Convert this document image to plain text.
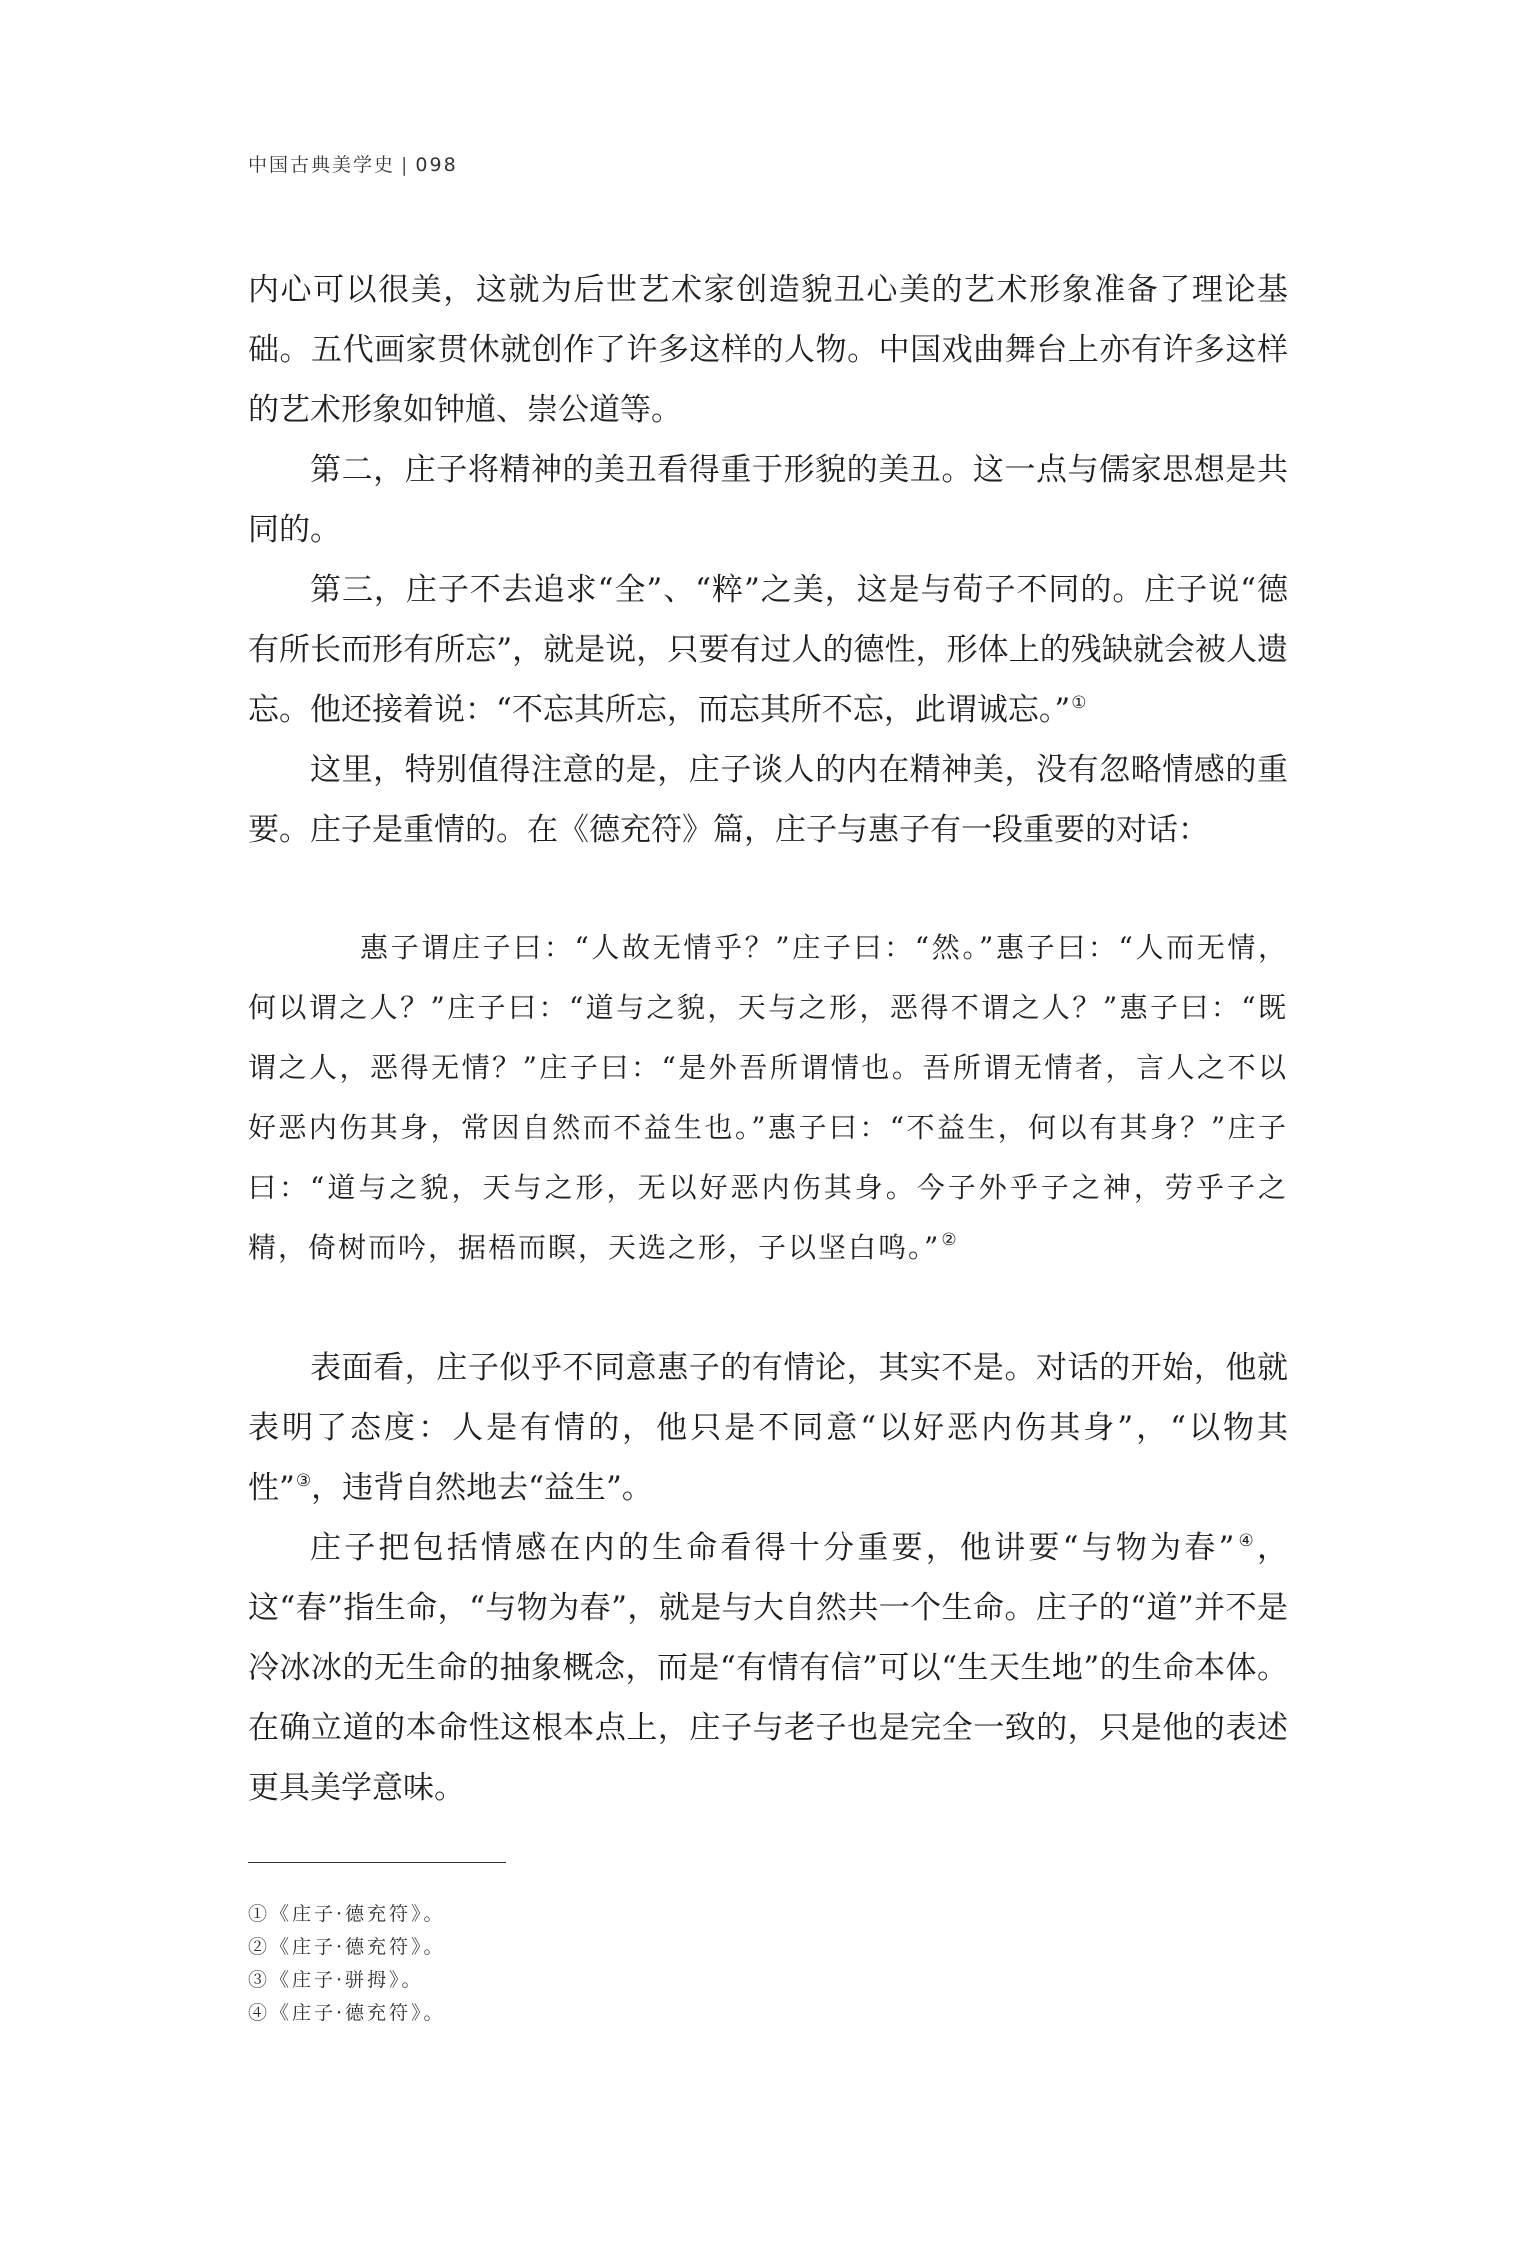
中国古典美学史 | 098

内心可以很美，这就为后世艺术家创造貌丑心美的艺术形象准备了理论基础。五代画家贯休就创作了许多这样的人物。中国戏曲舞台上亦有许多这样的艺术形象如钟馗、崇公道等。

第二，庄子将精神的美丑看得重于形貌的美丑。这一点与儒家思想是共同的。

第三，庄子不去追求“全”、“粹”之美，这是与荀子不同的。庄子说“德有所长而形有所忘”，就是说，只要有过人的德性，形体上的残缺就会被人遗忘。他还接着说：“不忘其所忘，而忘其所不忘，此谓诚忘。”①

这里，特别值得注意的是，庄子谈人的内在精神美，没有忽略情感的重要。庄子是重情的。在《德充符》篇，庄子与惠子有一段重要的对话：

惠子谓庄子曰：“人故无情乎？”庄子曰：“然。”惠子曰：“人而无情，何以谓之人？”庄子曰：“道与之貌，天与之形，恶得不谓之人？”惠子曰：“既谓之人，恶得无情？”庄子曰：“是外吾所谓情也。吾所谓无情者，言人之不以好恶内伤其身，常因自然而不益生也。”惠子曰：“不益生，何以有其身？”庄子曰：“道与之貌，天与之形，无以好恶内伤其身。今子外乎子之神，劳乎子之精，倚树而吟，据梧而瞑，天选之形，子以坚白鸣。”②

表面看，庄子似乎不同意惠子的有情论，其实不是。对话的开始，他就表明了态度：人是有情的，他只是不同意“以好恶内伤其身”，“以物其性”③，违背自然地去“益生”。

庄子把包括情感在内的生命看得十分重要，他讲要“与物为春”④，这“春”指生命，“与物为春”，就是与大自然共一个生命。庄子的“道”并不是冷冰冰的无生命的抽象概念，而是“有情有信”可以“生天生地”的生命本体。在确立道的本命性这根本点上，庄子与老子也是完全一致的，只是他的表述更具美学意味。

①《庄子·德充符》。
②《庄子·德充符》。
③《庄子·骈拇》。
④《庄子·德充符》。
